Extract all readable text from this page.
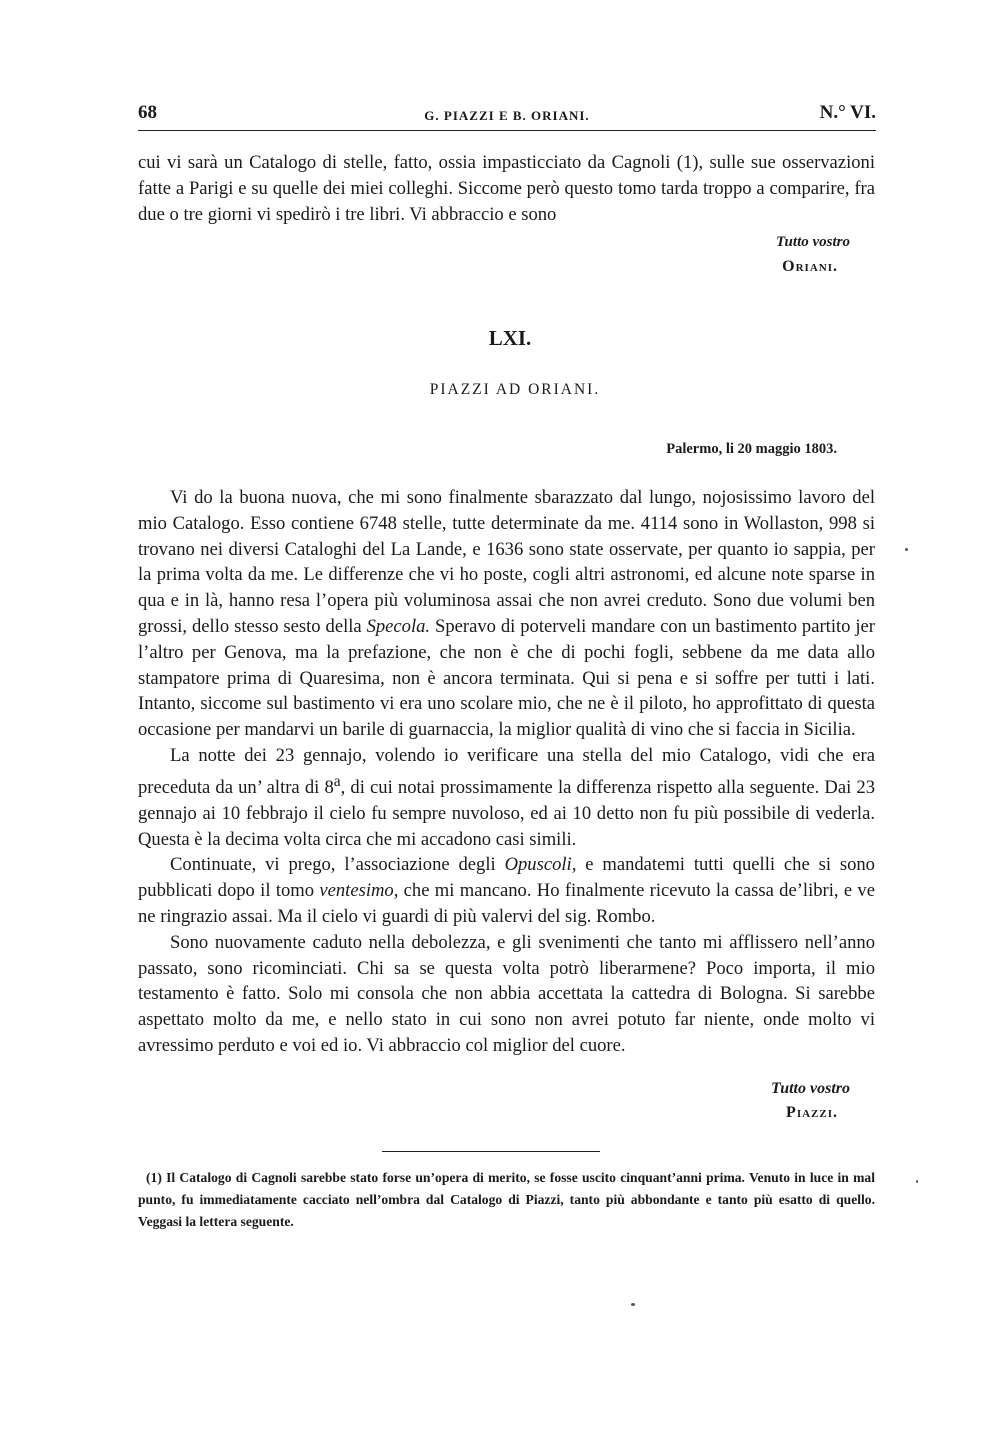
68	G. PIAZZI E B. ORIANI.	N.° VI.

cui vi sarà un Catalogo di stelle, fatto, ossia impasticciato da Cagnoli (1), sulle sue osservazioni fatte a Parigi e su quelle dei miei colleghi. Siccome però questo tomo tarda troppo a comparire, fra due o tre giorni vi spedirò i tre libri. Vi abbraccio e sono

Tutto vostro
Oriani.
LXI.
PIAZZI AD ORIANI.
Palermo, li 20 maggio 1803.

Vi do la buona nuova, che mi sono finalmente sbarazzato dal lungo, nojosissimo lavoro del mio Catalogo. Esso contiene 6748 stelle, tutte determinate da me. 4114 sono in Wollaston, 998 si trovano nei diversi Cataloghi del La Lande, e 1636 sono state osservate, per quanto io sappia, per la prima volta da me. Le differenze che vi ho poste, cogli altri astronomi, ed alcune note sparse in qua e in là, hanno resa l’opera più voluminosa assai che non avrei creduto. Sono due volumi ben grossi, dello stesso sesto della Specola. Speravo di poterveli mandare con un bastimento partito jer l’altro per Genova, ma la prefazione, che non è che di pochi fogli, sebbene da me data allo stampatore prima di Quaresima, non è ancora terminata. Qui si pena e si soffre per tutti i lati. Intanto, siccome sul bastimento vi era uno scolare mio, che ne è il piloto, ho approfittato di questa occasione per mandarvi un barile di guarnaccia, la miglior qualità di vino che si faccia in Sicilia.

La notte dei 23 gennajo, volendo io verificare una stella del mio Catalogo, vidi che era preceduta da un’ altra di 8$^a$, di cui notai prossimamente la differenza rispetto alla seguente. Dai 23 gennajo ai 10 febbrajo il cielo fu sempre nuvoloso, ed ai 10 detto non fu più possibile di vederla. Questa è la decima volta circa che mi accadono casi simili.

Continuate, vi prego, l’associazione degli Opuscoli, e mandatemi tutti quelli che si sono pubblicati dopo il tomo ventesimo, che mi mancano. Ho finalmente ricevuto la cassa de’libri, e ve ne ringrazio assai. Ma il cielo vi guardi di più valervi del sig. Rombo.

Sono nuovamente caduto nella debolezza, e gli svenimenti che tanto mi afflissero nell’anno passato, sono ricominciati. Chi sa se questa volta potrò liberarmene? Poco importa, il mio testamento è fatto. Solo mi consola che non abbia accettata la cattedra di Bologna. Si sarebbe aspettato molto da me, e nello stato in cui sono non avrei potuto far niente, onde molto vi avressimo perduto e voi ed io. Vi abbraccio col miglior del cuore.

Tutto vostro
Piazzi.

(1) Il Catalogo di Cagnoli sarebbe stato forse un’opera di merito, se fosse uscito cinquant’anni prima. Venuto in luce in mal punto, fu immediatamente cacciato nell’ombra dal Catalogo di Piazzi, tanto più abbondante e tanto più esatto di quello. Veggasi la lettera seguente.
